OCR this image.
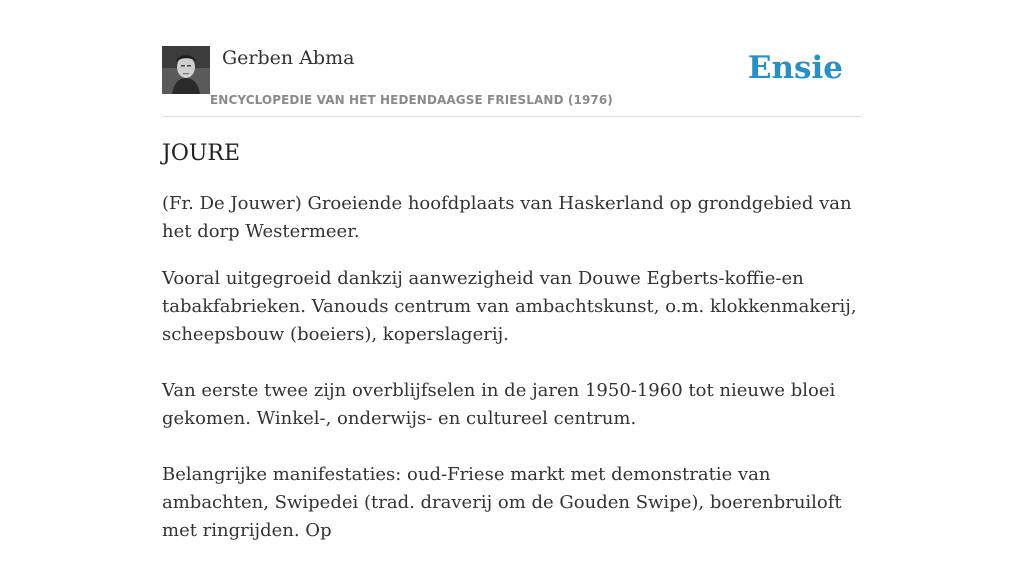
Gerben Abma
ENCYCLOPEDIE VAN HET HEDENDAAGSE FRIESLAND (1976)
Ensie
JOURE

(Fr. De Jouwer) Groeiende hoofdplaats van Haskerland op grondgebied van het dorp Westermeer.

Vooral uitgegroeid dankzij aanwezigheid van Douwe Egberts-koffie-en tabakfabrieken. Vanouds centrum van ambachtskunst, o.m. klokkenmakerij, scheepsbouw (boeiers), koperslagerij.

Van eerste twee zijn overblijfselen in de jaren 1950-1960 tot nieuwe bloei gekomen. Winkel-, onderwijs- en cultureel centrum.

Belangrijke manifestaties: oud-Friese markt met demonstratie van ambachten, Swipedei (trad. draverij om de Gouden Swipe), boerenbruiloft met ringrijden. Op
